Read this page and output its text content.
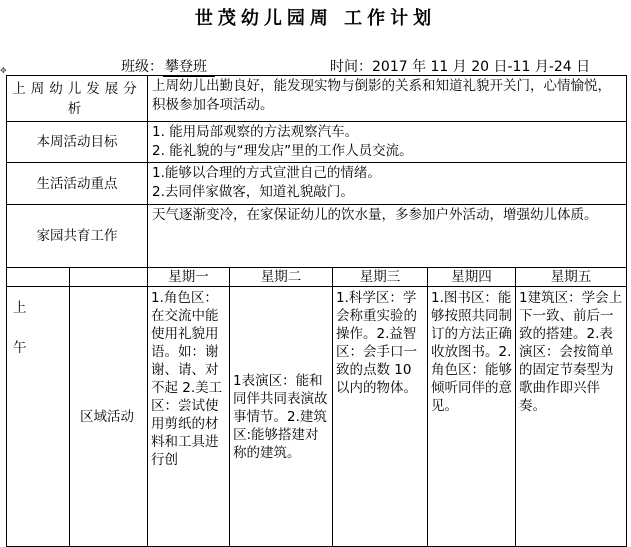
世茂幼儿园周 工作计划
班级： 攀登班	时间：2017 年 11 月 20 日-11 月-24 日
✥
上周幼儿发展分析		上周幼儿出勤良好，能发现实物与倒影的关系和知道礼貌开关门，心情愉悦，积极参加各项活动。				

本周活动目标		1. 能用局部观察的方法观察汽车。
2. 能礼貌的与“理发店”里的工作人员交流。				

生活活动重点		1.能够以合理的方式宣泄自己的情绪。
2.去同伴家做客，知道礼貌敲门。				

家园共育工作		天气逐渐变冷，在家保证幼儿的饮水量，多参加户外活动，增强幼儿体质。				

		星期一	星期二	星期三	星期四	星期五

上
午	区域活动	1.角色区：在交流中能使用礼貌用语。如：谢谢、请、对不起 2.美工区：尝试使用剪纸的材料和工具进行创	1表演区：能和同伴共同表演故事情节。2.建筑区:能够搭建对称的建筑。	1.科学区：学会称重实验的操作。2.益智区：会手口一致的点数 10 以内的物体。	1.图书区：能够按照共同制订的方法正确收放图书。2.角色区：能够倾听同伴的意见。	1建筑区：学会上下一致、前后一致的搭建。2.表演区：会按简单的固定节奏型为歌曲作即兴伴奏。
